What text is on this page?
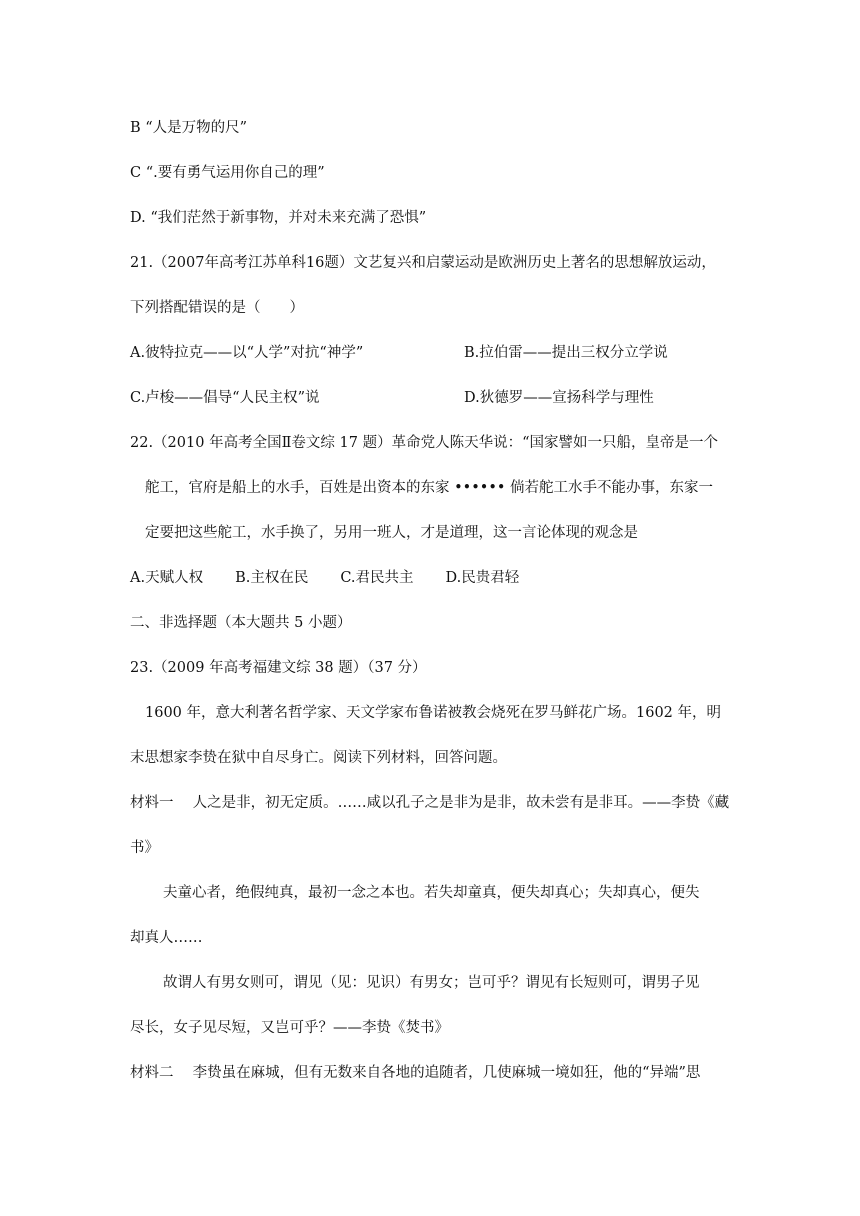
B “人是万物的尺”
C “.要有勇气运用你自己的理”
D. “我们茫然于新事物，并对未来充满了恐惧”
21.（2007年高考江苏单科16题）文艺复兴和启蒙运动是欧洲历史上著名的思想解放运动，
下列搭配错误的是（　　）
A.彼特拉克——以“人学”对抗“神学”	B.拉伯雷——提出三权分立学说
C.卢梭——倡导“人民主权”说	D.狄德罗——宣扬科学与理性
22.（2010 年高考全国Ⅱ卷文综 17 题）革命党人陈天华说：“国家譬如一只船，皇帝是一个
舵工，官府是船上的水手，百姓是出资本的东家 •••••• 倘若舵工水手不能办事，东家一
定要把这些舵工，水手换了，另用一班人，才是道理，这一言论体现的观念是
A.天赋人权 B.主权在民 C.君民共主 D.民贵君轻
二、非选择题（本大题共 5 小题）
23.（2009 年高考福建文综 38 题）（37 分）
1600 年，意大利著名哲学家、天文学家布鲁诺被教会烧死在罗马鲜花广场。1602 年，明
末思想家李贽在狱中自尽身亡。阅读下列材料，回答问题。
材料一　 人之是非，初无定质。……咸以孔子之是非为是非，故未尝有是非耳。——李贽《藏
书》
夫童心者，绝假纯真，最初一念之本也。若失却童真，便失却真心；失却真心，便失
却真人……
故谓人有男女则可，谓见（见：见识）有男女；岂可乎？谓见有长短则可，谓男子见
尽长，女子见尽短，又岂可乎？——李贽《焚书》
材料二　 李贽虽在麻城，但有无数来自各地的追随者，几使麻城一境如狂，他的“异端”思
